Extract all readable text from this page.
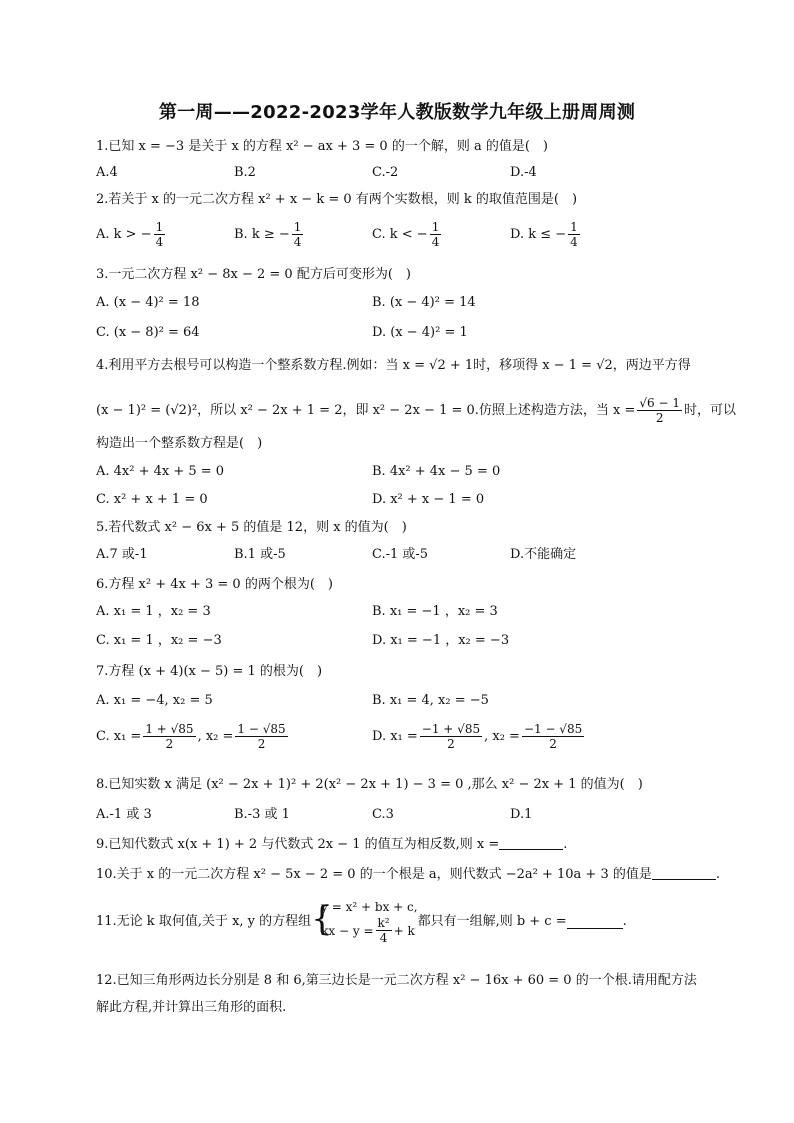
第一周——2022-2023学年人教版数学九年级上册周周测
1.已知 x = −3 是关于 x 的方程 x² − ax + 3 = 0 的一个解，则 a 的值是(　)
A.4	B.2	C.-2	D.-4
2.若关于 x 的一元二次方程 x² + x − k = 0 有两个实数根，则 k 的取值范围是(　)
A. k > − $\frac{1}{4}$	B. k ≥ − $\frac{1}{4}$	C. k < − $\frac{1}{4}$	D. k ≤ − $\frac{1}{4}$
3.一元二次方程 x² − 8x − 2 = 0 配方后可变形为(　)
A. (x − 4)² = 18	B. (x − 4)² = 14
C. (x − 8)² = 64	D. (x − 4)² = 1
4.利用平方去根号可以构造一个整系数方程.例如：当 x = √2 + 1时，移项得 x − 1 = √2，两边平方得
(x − 1)² = (√2)²，所以 x² − 2x + 1 = 2，即 x² − 2x − 1 = 0.仿照上述构造方法，当 $x = \frac{√6 - 1}{2}$ 时，可以
构造出一个整系数方程是(　)
A. 4x² + 4x + 5 = 0	B. 4x² + 4x − 5 = 0
C. x² + x + 1 = 0	D. x² + x − 1 = 0
5.若代数式 x² − 6x + 5 的值是 12，则 x 的值为(　)
A.7 或-1	B.1 或-5	C.-1 或-5	D.不能确定
6.方程 x² + 4x + 3 = 0 的两个根为(　)
A. x₁ = 1 ，x₂ = 3	B. x₁ = −1 ，x₂ = 3
C. x₁ = 1 ，x₂ = −3	D. x₁ = −1 ，x₂ = −3
7.方程 (x + 4)(x − 5) = 1 的根为(　)
A. x₁ = −4, x₂ = 5	B. x₁ = 4, x₂ = −5
C. $x_1 = \frac{1 + √85}{2}$ , $x_2 = \frac{1 - √85}{2}$	D. $x_1 = \frac{-1 + √85}{2}$ , $x_2 = \frac{-1 - √85}{2}$
8.已知实数 x 满足 (x² − 2x + 1)² + 2(x² − 2x + 1) − 3 = 0 ,那么 x² − 2x + 1 的值为(　)
A.-1 或 3	B.-3 或 1	C.3	D.1
9.已知代数式 x(x + 1) + 2 与代数式 2x − 1 的值互为相反数,则 x =	.
10.关于 x 的一元二次方程 x² − 5x − 2 = 0 的一个根是 a，则代数式 −2a² + 10a + 3 的值是	.
11.无论 k 取何值,关于 x, y 的方程组 {
y = x² + bx + c,
kx − $y = \frac{\text{k²}}{4} + k$
都只有一组解,则 b + c =	.
12.已知三角形两边长分别是 8 和 6,第三边长是一元二次方程 x² − 16x + 60 = 0 的一个根.请用配方法
解此方程,并计算出三角形的面积.
